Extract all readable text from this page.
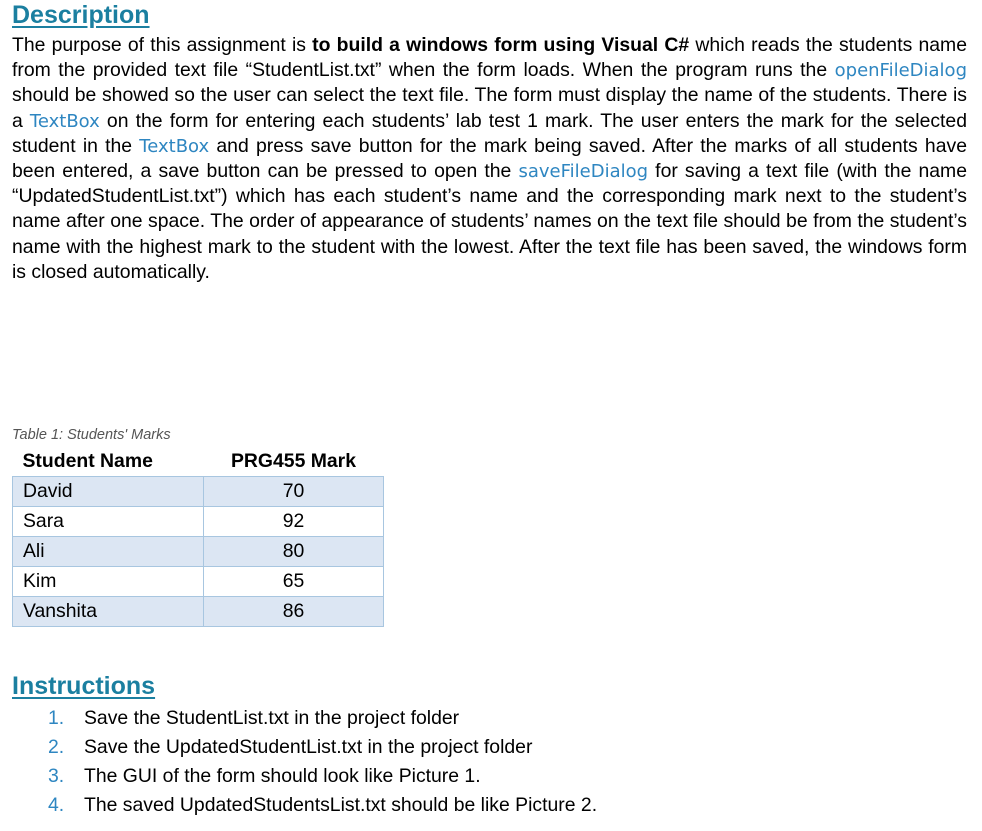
Description

The purpose of this assignment is to build a windows form using Visual C# which reads the students name from the provided text file “StudentList.txt” when the form loads. When the program runs the openFileDialog should be showed so the user can select the text file. The form must display the name of the students. There is a TextBox on the form for entering each students’ lab test 1 mark. The user enters the mark for the selected student in the TextBox and press save button for the mark being saved. After the marks of all students have been entered, a save button can be pressed to open the saveFileDialog for saving a text file (with the name “UpdatedStudentList.txt”) which has each student’s name and the corresponding mark next to the student’s name after one space. The order of appearance of students’ names on the text file should be from the student’s name with the highest mark to the student with the lowest. After the text file has been saved, the windows form is closed automatically.

Table 1: Students' Marks
Student Name	PRG455 Mark
David	70
Sara	92
Ali	80
Kim	65
Vanshita	86
Instructions
1. Save the StudentList.txt in the project folder
2. Save the UpdatedStudentList.txt in the project folder
3. The GUI of the form should look like Picture 1.
4. The saved UpdatedStudentsList.txt should be like Picture 2.
